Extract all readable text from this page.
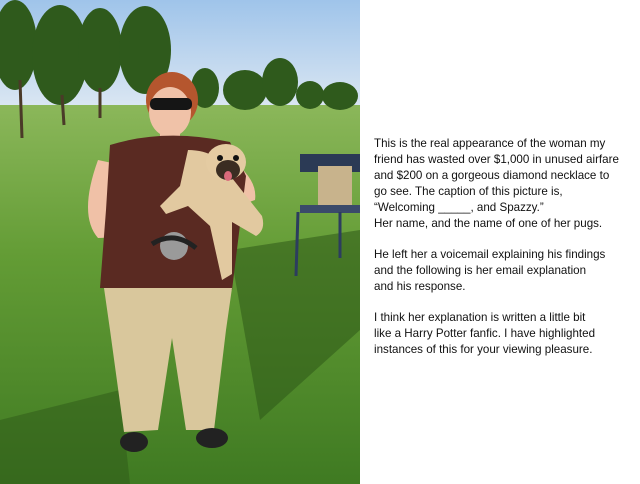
This is the real appearance of the woman my
friend has wasted over $1,000 in unused airfare
and $200 on a gorgeous diamond necklace to
go see. The caption of this picture is,
“Welcoming _____, and Spazzy.”
Her name, and the name of one of her pugs.

He left her a voicemail explaining his findings
and the following is her email explanation
and his response.

I think her explanation is written a little bit
like a Harry Potter fanfic. I have highlighted
instances of this for your viewing pleasure.
